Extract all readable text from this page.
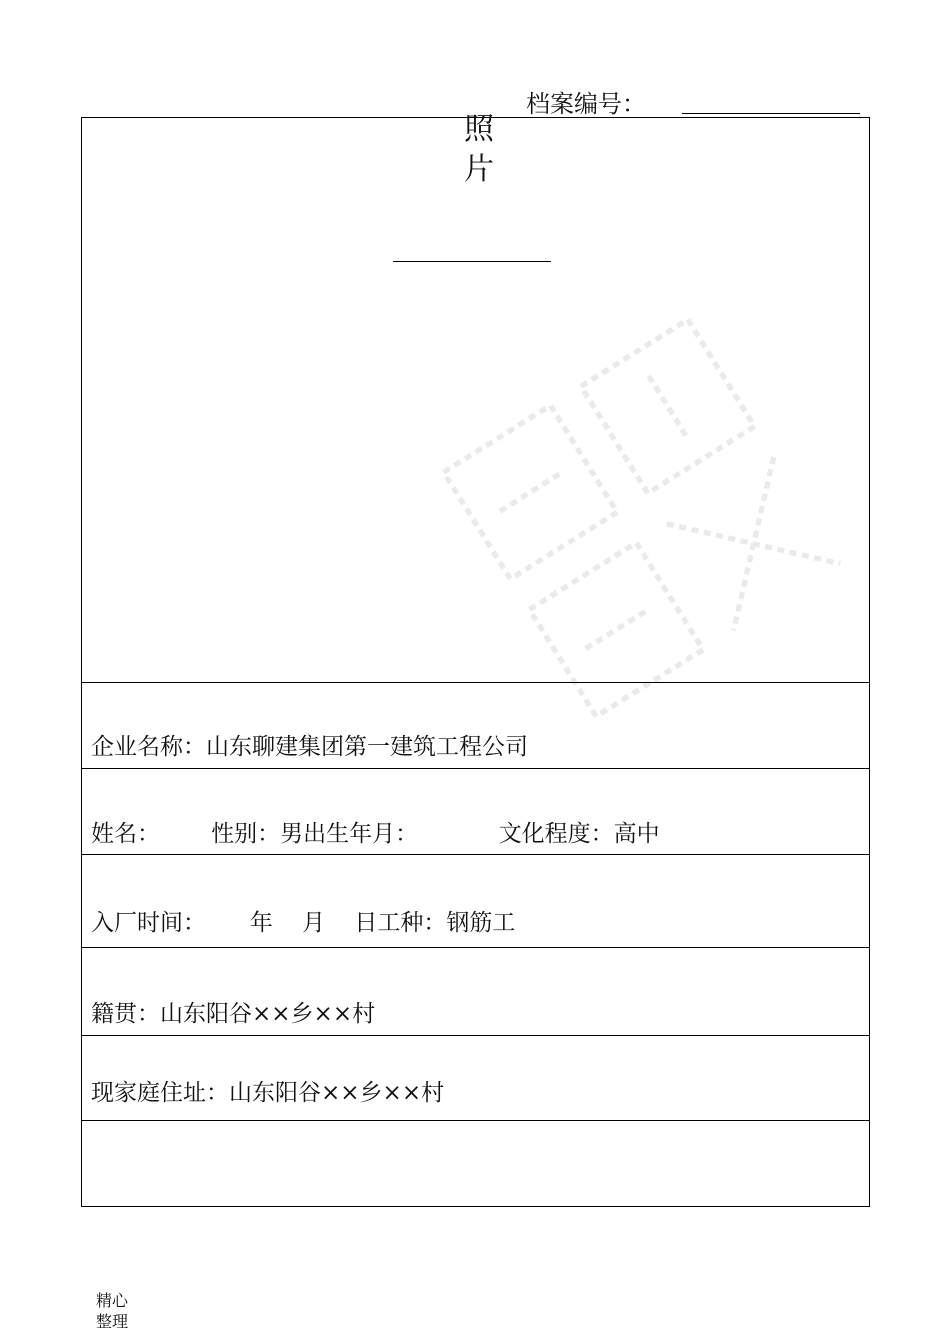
档案编号：
照
片
企业名称：山东聊建集团第一建筑工程公司
姓名：       性别：男出生年月：           文化程度：高中
入厂时间：      年    月    日工种：钢筋工
籍贯：山东阳谷××乡××村
现家庭住址：山东阳谷××乡××村
精心
整理
